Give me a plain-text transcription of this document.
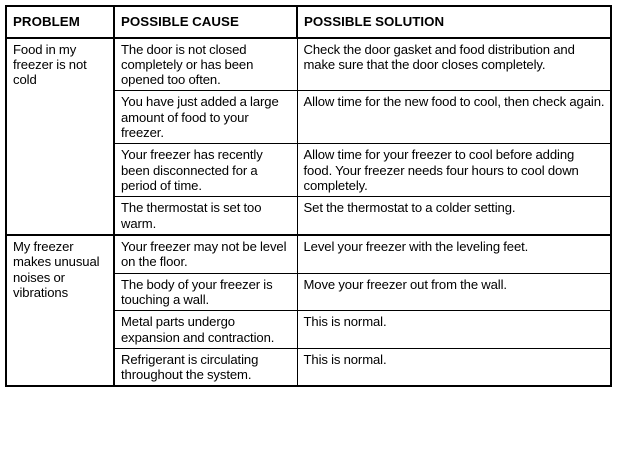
PROBLEM	POSSIBLE CAUSE	POSSIBLE SOLUTION
Food in my freezer is not cold	The door is not closed completely or has been opened too often.	Check the door gasket and food distribution and make sure that the door closes completely.
	You have just added a large amount of food to your freezer.	Allow time for the new food to cool, then check again.
	Your freezer has recently been disconnected for a period of time.	Allow time for your freezer to cool before adding food. Your freezer needs four hours to cool down completely.
	The thermostat is set too warm.	Set the thermostat to a colder setting.
My freezer makes unusual noises or vibrations	Your freezer may not be level on the floor.	Level your freezer with the leveling feet.
	The body of your freezer is touching a wall.	Move your freezer out from the wall.
	Metal parts undergo expansion and contraction.	This is normal.
	Refrigerant is circulating throughout the system.	This is normal.
